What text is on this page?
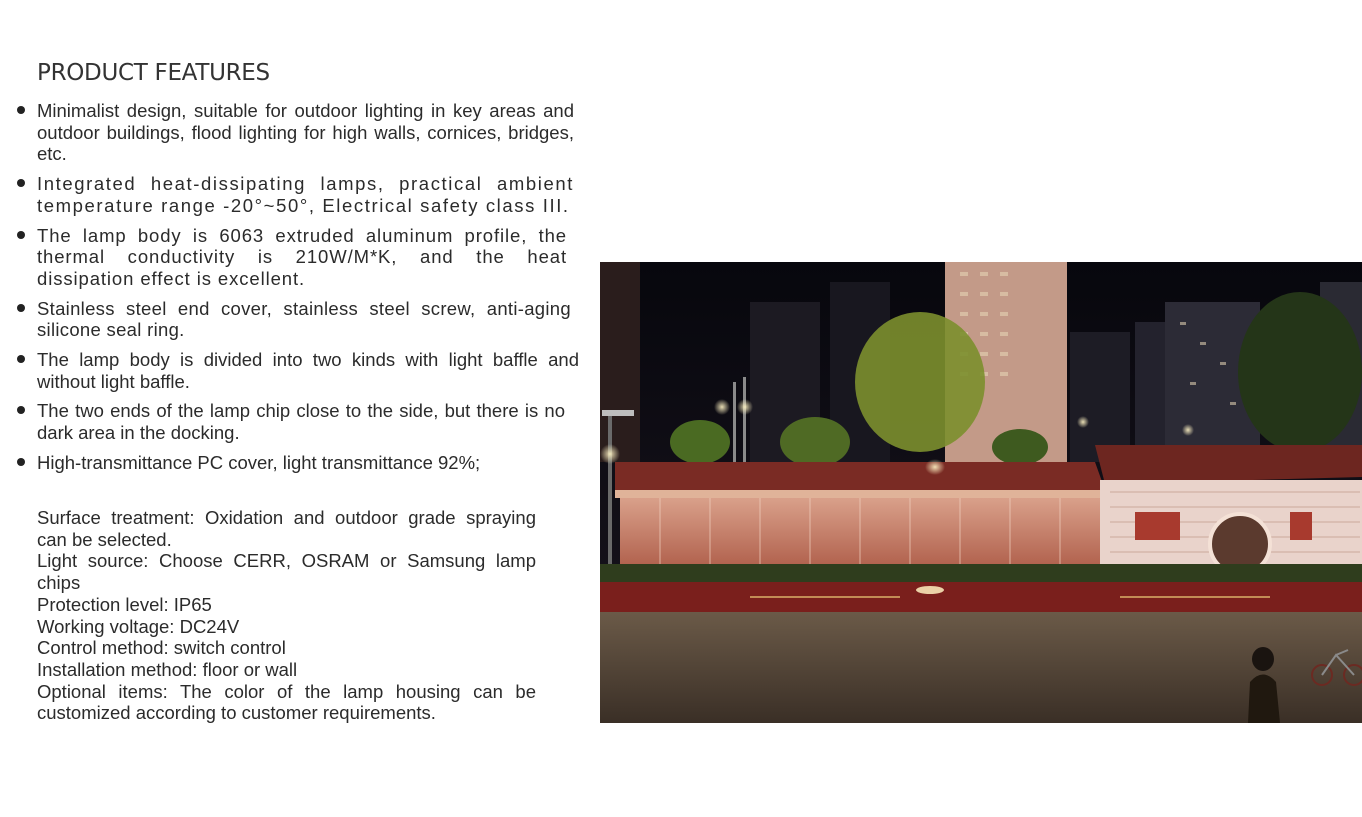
PRODUCT FEATURES
Minimalist design, suitable for outdoor lighting in key areas and outdoor buildings, flood lighting for high walls, cornices, bridges, etc.
Integrated heat-dissipating lamps, practical ambient temperature range -20°~50°, Electrical safety class III.
The lamp body is 6063 extruded aluminum profile, the thermal conductivity is 210W/M*K, and the heat dissipation effect is excellent.
Stainless steel end cover, stainless steel screw, anti-aging silicone seal ring.
The lamp body is divided into two kinds with light baffle and without light baffle.
The two ends of the lamp chip close to the side, but there is no dark area in the docking.
High-transmittance PC cover, light transmittance 92%;
Surface treatment: Oxidation and outdoor grade spraying can be selected.
Light source: Choose CERR, OSRAM or Samsung lamp chips
Protection level: IP65
Working voltage: DC24V
Control method: switch control
Installation method: floor or wall
Optional items: The color of the lamp housing can be customized according to customer requirements.
